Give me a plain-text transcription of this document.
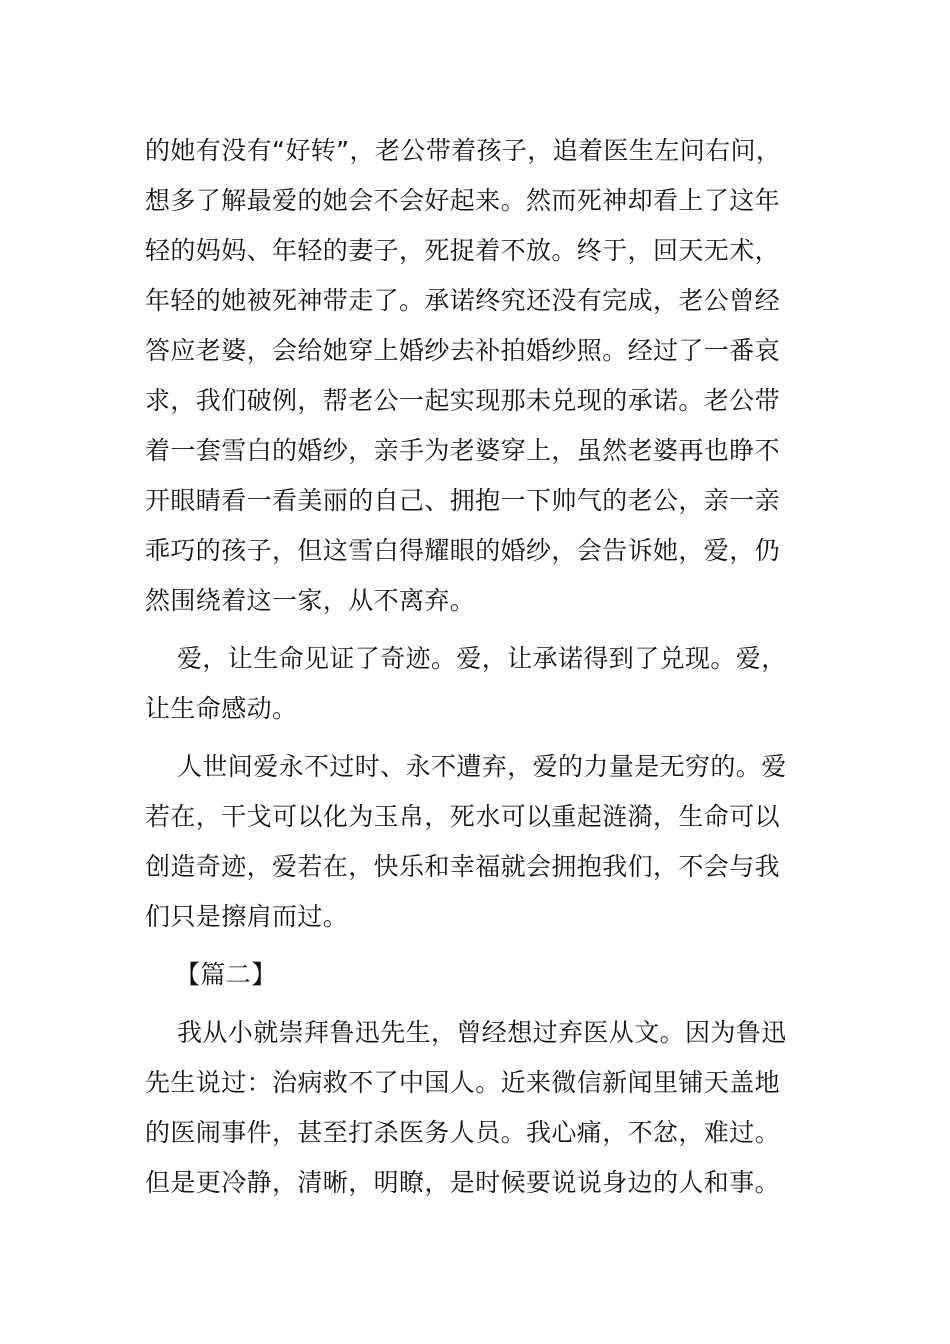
的她有没有“好转”，老公带着孩子，追着医生左问右问，
想多了解最爱的她会不会好起来。然而死神却看上了这年
轻的妈妈、年轻的妻子，死捉着不放。终于，回天无术，
年轻的她被死神带走了。承诺终究还没有完成，老公曾经
答应老婆，会给她穿上婚纱去补拍婚纱照。经过了一番哀
求，我们破例，帮老公一起实现那未兑现的承诺。老公带
着一套雪白的婚纱，亲手为老婆穿上，虽然老婆再也睁不
开眼睛看一看美丽的自己、拥抱一下帅气的老公，亲一亲
乖巧的孩子，但这雪白得耀眼的婚纱，会告诉她，爱，仍
然围绕着这一家，从不离弃。
爱，让生命见证了奇迹。爱，让承诺得到了兑现。爱，
让生命感动。
人世间爱永不过时、永不遭弃，爱的力量是无穷的。爱
若在，干戈可以化为玉帛，死水可以重起涟漪，生命可以
创造奇迹，爱若在，快乐和幸福就会拥抱我们，不会与我
们只是擦肩而过。
【篇二】
我从小就崇拜鲁迅先生，曾经想过弃医从文。因为鲁迅
先生说过：治病救不了中国人。近来微信新闻里铺天盖地
的医闹事件，甚至打杀医务人员。我心痛，不忿，难过。
但是更冷静，清晰，明瞭，是时候要说说身边的人和事。
